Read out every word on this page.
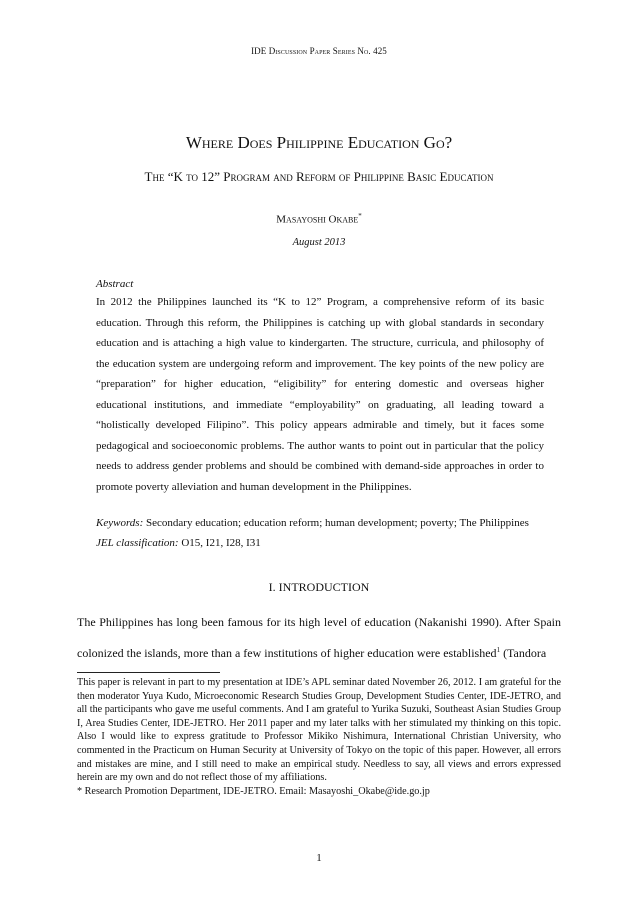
IDE Discussion Paper Series No. 425
Where Does Philippine Education Go?
The “K to 12” Program and Reform of Philippine Basic Education
Masayoshi Okabe*
August 2013
Abstract
In 2012 the Philippines launched its “K to 12” Program, a comprehensive reform of its basic education. Through this reform, the Philippines is catching up with global standards in secondary education and is attaching a high value to kindergarten. The structure, curricula, and philosophy of the education system are undergoing reform and improvement. The key points of the new policy are “preparation” for higher education, “eligibility” for entering domestic and overseas higher educational institutions, and immediate “employability” on graduating, all leading toward a “holistically developed Filipino”. This policy appears admirable and timely, but it faces some pedagogical and socioeconomic problems. The author wants to point out in particular that the policy needs to address gender problems and should be combined with demand-side approaches in order to promote poverty alleviation and human development in the Philippines.
Keywords: Secondary education; education reform; human development; poverty; The Philippines
JEL classification: O15, I21, I28, I31
I. INTRODUCTION
The Philippines has long been famous for its high level of education (Nakanishi 1990). After Spain colonized the islands, more than a few institutions of higher education were established$^1$ (Tandora

This paper is relevant in part to my presentation at IDE’s APL seminar dated November 26, 2012. I am grateful for the then moderator Yuya Kudo, Microeconomic Research Studies Group, Development Studies Center, IDE-JETRO, and all the participants who gave me useful comments. And I am grateful to Yurika Suzuki, Southeast Asian Studies Group I, Area Studies Center, IDE-JETRO. Her 2011 paper and my later talks with her stimulated my thinking on this topic. Also I would like to express gratitude to Professor Mikiko Nishimura, International Christian University, who commented in the Practicum on Human Security at University of Tokyo on the topic of this paper. However, all errors and mistakes are mine, and I still need to make an empirical study. Needless to say, all views and errors expressed herein are my own and do not reflect those of my affiliations.

* Research Promotion Department, IDE-JETRO. Email: Masayoshi_Okabe@ide.go.jp

1
